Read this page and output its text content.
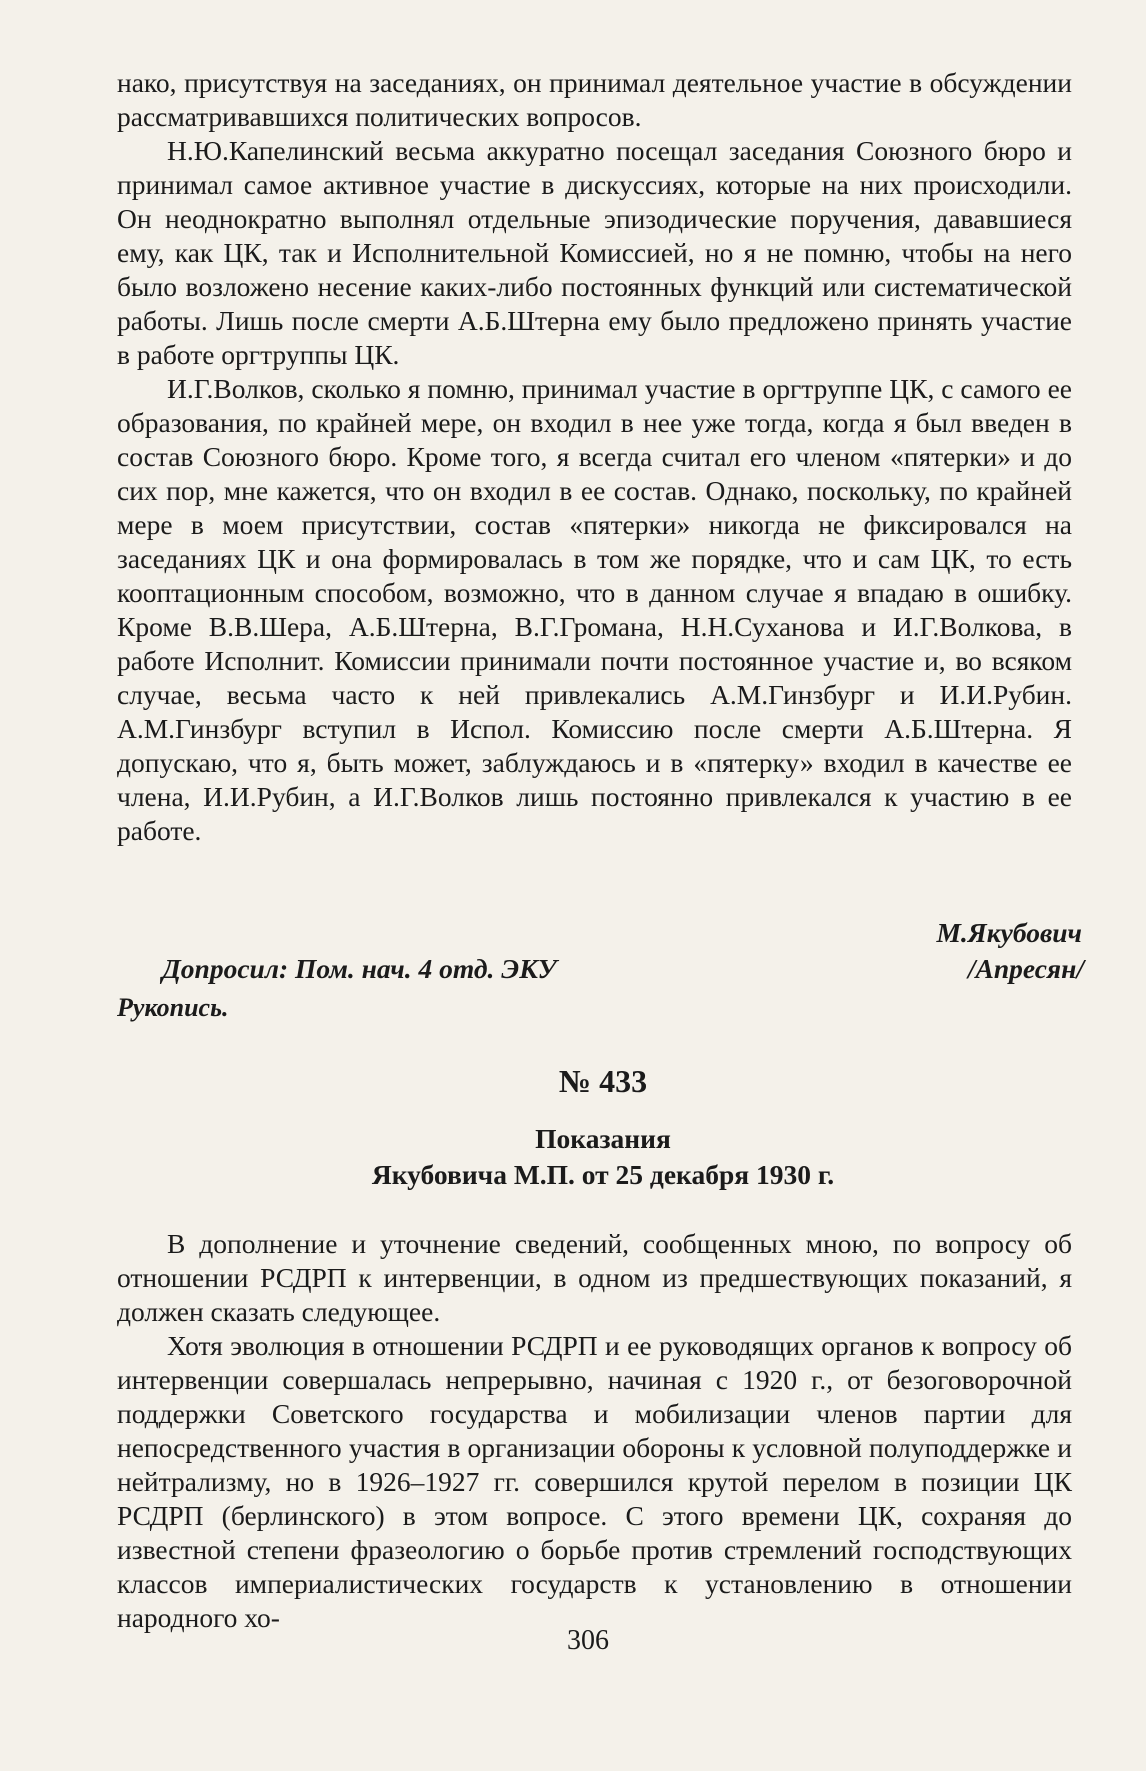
нако, присутствуя на заседаниях, он принимал деятельное участие в обсуждении рассматривавшихся политических вопросов.

Н.Ю.Капелинский весьма аккуратно посещал заседания Союзного бюро и принимал самое активное участие в дискуссиях, которые на них происходили. Он неоднократно выполнял отдельные эпизодические поручения, дававшиеся ему, как ЦК, так и Исполнительной Комиссией, но я не помню, чтобы на него было возложено несение каких-либо постоянных функций или систематической работы. Лишь после смерти А.Б.Штерна ему было предложено принять участие в работе оргтруппы ЦК.

И.Г.Волков, сколько я помню, принимал участие в оргтруппе ЦК, с самого ее образования, по крайней мере, он входил в нее уже тогда, когда я был введен в состав Союзного бюро. Кроме того, я всегда считал его членом «пятерки» и до сих пор, мне кажется, что он входил в ее состав. Однако, поскольку, по крайней мере в моем присутствии, состав «пятерки» никогда не фиксировался на заседаниях ЦК и она формировалась в том же порядке, что и сам ЦК, то есть кооптационным способом, возможно, что в данном случае я впадаю в ошибку. Кроме В.В.Шера, А.Б.Штерна, В.Г.Громана, Н.Н.Суханова и И.Г.Волкова, в работе Исполнит. Комиссии принимали почти постоянное участие и, во всяком случае, весьма часто к ней привлекались А.М.Гинзбург и И.И.Рубин. А.М.Гинзбург вступил в Испол. Комиссию после смерти А.Б.Штерна. Я допускаю, что я, быть может, заблуждаюсь и в «пятерку» входил в качестве ее члена, И.И.Рубин, а И.Г.Волков лишь постоянно привлекался к участию в ее работе.

М.Якубович
Допросил: Пом. нач. 4 отд. ЭКУ	/Апресян/
Рукопись.
№ 433
Показания
Якубовича М.П. от 25 декабря 1930 г.

В дополнение и уточнение сведений, сообщенных мною, по вопросу об отношении РСДРП к интервенции, в одном из предшествующих показаний, я должен сказать следующее.

Хотя эволюция в отношении РСДРП и ее руководящих органов к вопросу об интервенции совершалась непрерывно, начиная с 1920 г., от безоговорочной поддержки Советского государства и мобилизации членов партии для непосредственного участия в организации обороны к условной полуподдержке и нейтрализму, но в 1926–1927 гг. совершился крутой перелом в позиции ЦК РСДРП (берлинского) в этом вопросе. С этого времени ЦК, сохраняя до известной степени фразеологию о борьбе против стремлений господствующих классов империалистических государств к установлению в отношении народного хо-

306
